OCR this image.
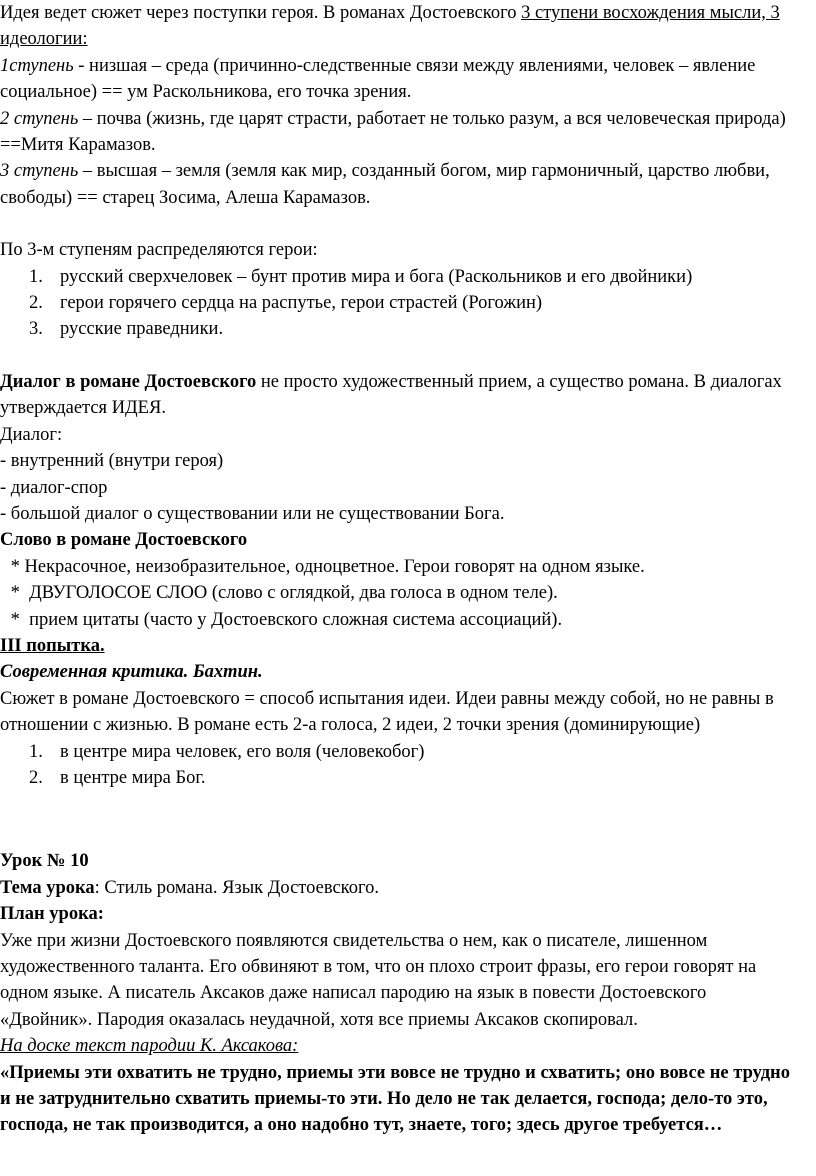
Идея ведет сюжет через поступки героя. В романах Достоевского 3 ступени восхождения мысли, 3 идеологии:

1ступень - низшая – среда (причинно-следственные связи между явлениями, человек – явление социальное) == ум Раскольникова, его точка зрения.

2 ступень – почва (жизнь, где царят страсти, работает не только разум, а вся человеческая природа) ==Митя Карамазов.

3 ступень – высшая – земля (земля как мир, созданный богом, мир гармоничный, царство любви, свободы) == старец Зосима, Алеша Карамазов.

По 3-м ступеням распределяются герои:

1. русский сверхчеловек – бунт против мира и бога (Раскольников и его двойники)
2. герои горячего сердца на распутье, герои страстей (Рогожин)
3. русские праведники.

Диалог в романе Достоевского не просто художественный прием, а существо романа. В диалогах утверждается ИДЕЯ.

Диалог:

- внутренний (внутри героя)

- диалог-спор

- большой диалог о существовании или не существовании Бога.

Слово в романе Достоевского

* Некрасочное, неизобразительное, одноцветное. Герои говорят на одном языке.

*  ДВУГОЛОСОЕ СЛОО (слово с оглядкой, два голоса в одном теле).

*  прием цитаты (часто у Достоевского сложная система ассоциаций).

III попытка.

Современная критика. Бахтин.

Сюжет в романе Достоевского = способ испытания идеи. Идеи равны между собой, но не равны в отношении с жизнью. В романе есть 2-а голоса, 2 идеи, 2 точки зрения (доминирующие)

1. в центре мира человек, его воля (человекобог)
2. в центре мира Бог.

Урок № 10

Тема урока: Стиль романа. Язык Достоевского.

План урока:

Уже при жизни Достоевского появляются свидетельства о нем, как о писателе, лишенном художественного таланта. Его обвиняют в том, что он плохо строит фразы, его герои говорят на одном языке. А писатель Аксаков даже написал пародию на язык в повести Достоевского «Двойник». Пародия оказалась неудачной, хотя все приемы Аксаков скопировал.

На доске текст пародии К. Аксакова:

«Приемы эти охватить не трудно, приемы эти вовсе не трудно и схватить; оно вовсе не трудно и не затруднительно схватить приемы-то эти. Но дело не так делается, господа; дело-то это, господа, не так производится, а оно надобно тут, знаете, того; здесь другое требуется…
